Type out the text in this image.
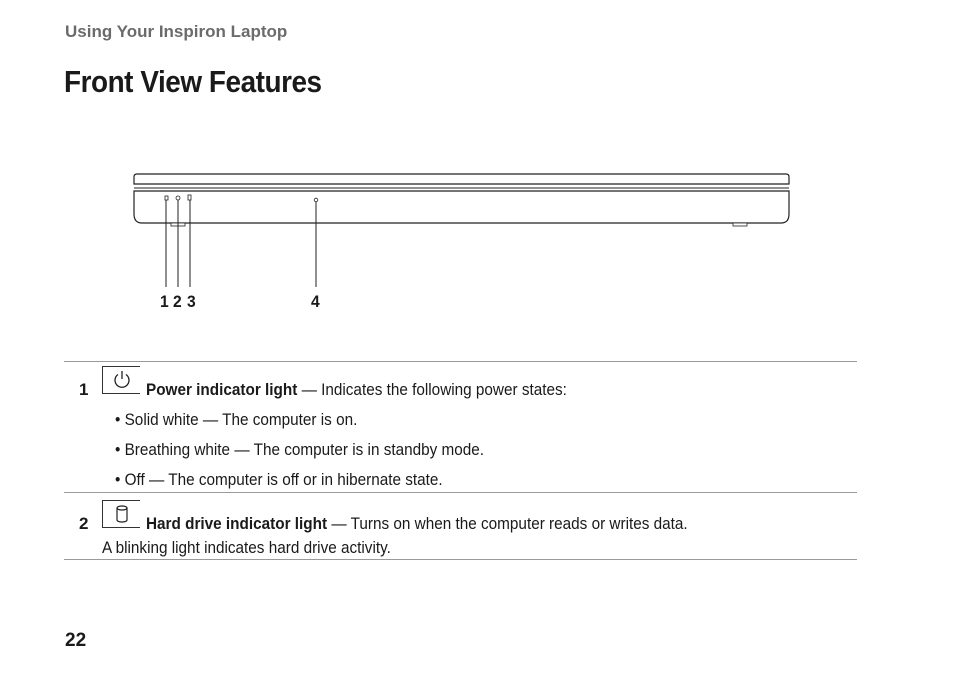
Using Your Inspiron Laptop
Front View Features
1 2 3	4
1	Power indicator light — Indicates the following power states:
• Solid white — The computer is on.
• Breathing white — The computer is in standby mode.
• Off — The computer is off or in hibernate state.
2	Hard drive indicator light — Turns on when the computer reads or writes data.
A blinking light indicates hard drive activity.
22
